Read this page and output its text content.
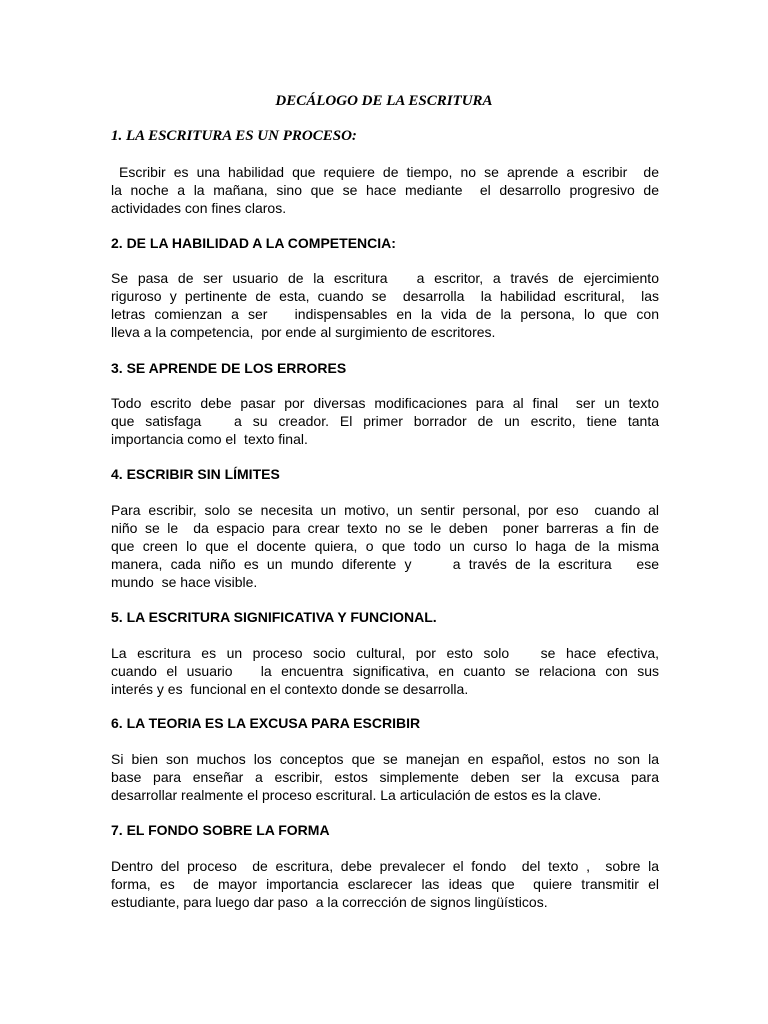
DECÁLOGO DE LA ESCRITURA
1. LA ESCRITURA ES UN PROCESO:
Escribir es una habilidad que requiere de tiempo, no se aprende a escribir  de
la noche a la mañana, sino que se hace mediante  el desarrollo progresivo de
actividades con fines claros.
2. DE LA HABILIDAD A LA COMPETENCIA:
Se pasa de ser usuario de la escritura   a escritor, a través de ejercimiento
riguroso y pertinente de esta, cuando se  desarrolla  la habilidad escritural,  las
letras comienzan a ser   indispensables en la vida de la persona, lo que con
lleva a la competencia,  por ende al surgimiento de escritores.
3. SE APRENDE DE LOS ERRORES
Todo escrito debe pasar por diversas modificaciones para al final  ser un texto
que satisfaga   a su creador. El primer borrador de un escrito, tiene tanta
importancia como el  texto final.
4. ESCRIBIR SIN LÍMITES
Para escribir, solo se necesita un motivo, un sentir personal, por eso  cuando al
niño se le  da espacio para crear texto no se le deben  poner barreras a fin de
que creen lo que el docente quiera, o que todo un curso lo haga de la misma
manera, cada niño es un mundo diferente y     a través de la escritura   ese
mundo  se hace visible.
5. LA ESCRITURA SIGNIFICATIVA Y FUNCIONAL.
La escritura es un proceso socio cultural, por esto solo   se hace efectiva,
cuando el usuario   la encuentra significativa, en cuanto se relaciona con sus
interés y es  funcional en el contexto donde se desarrolla.
6. LA TEORIA ES LA EXCUSA PARA ESCRIBIR
Si bien son muchos los conceptos que se manejan en español, estos no son la
base para enseñar a escribir, estos simplemente deben ser la excusa para
desarrollar realmente el proceso escritural. La articulación de estos es la clave.
7. EL FONDO SOBRE LA FORMA
Dentro del proceso  de escritura, debe prevalecer el fondo  del texto ,  sobre la
forma, es  de mayor importancia esclarecer las ideas que  quiere transmitir el
estudiante, para luego dar paso  a la corrección de signos lingüísticos.
